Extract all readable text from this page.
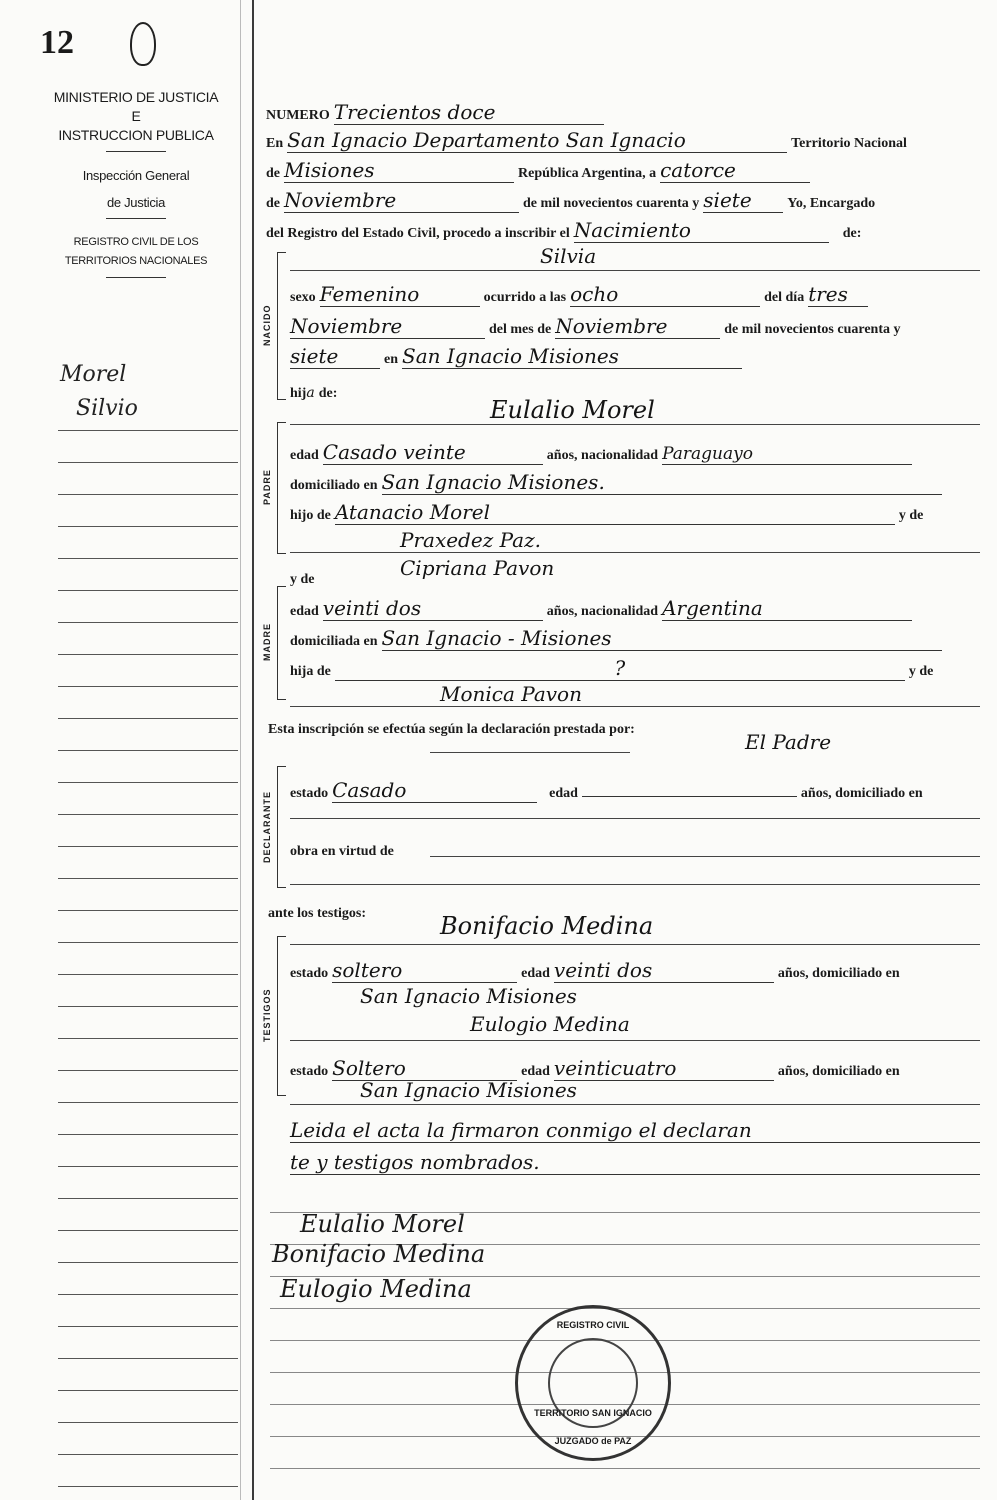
12
MINISTERIO DE JUSTICIA
E
INSTRUCCION PUBLICA
Inspección General
de Justicia
REGISTRO CIVIL DE LOS
TERRITORIOS NACIONALES
Morel
Silvio
NUMERO Trecientos doce
En San Ignacio Departamento San Ignacio	Territorio Nacional
de Misiones	República Argentina, a catorce
de Noviembre	de mil novecientos cuarenta y siete	Yo, Encargado
del Registro del Estado Civil, procedo a inscribir el Nacimiento	de:
NACIDO
Silvia
sexo Femenino	ocurrido a las ocho	del día tres
Noviembre	del mes de Noviembre	de mil novecientos cuarenta y
siete	en San Ignacio Misiones
hija de:
Eulalio Morel
PADRE
edad Casado veinte	años, nacionalidad Paraguayo
domiciliado en San Ignacio Misiones.
hijo de Atanacio Morel	y de
Praxedez Paz.
Cipriana Pavon
y de
MADRE
edad veinti dos	años, nacionalidad Argentina
domiciliada en San Ignacio - Misiones
hija de	?	y de
Monica Pavon
Esta inscripción se efectúa según la declaración prestada por:
El Padre
DECLARANTE estado Casado	edad	años, domiciliado en
obra en virtud de
ante los testigos:	Bonifacio Medina
TESTIGOS
estado soltero	edad veinti dos	años, domiciliado en
San Ignacio Misiones
Eulogio Medina
estado Soltero	edad veinticuatro	años, domiciliado en
San Ignacio Misiones
Leida el acta la firmaron conmigo el declaran
te y testigos nombrados.
Eulalio Morel
Bonifacio Medina
Eulogio Medina
REGISTRO CIVIL
TERRITORIO SAN IGNACIO
JUZGADO de PAZ
